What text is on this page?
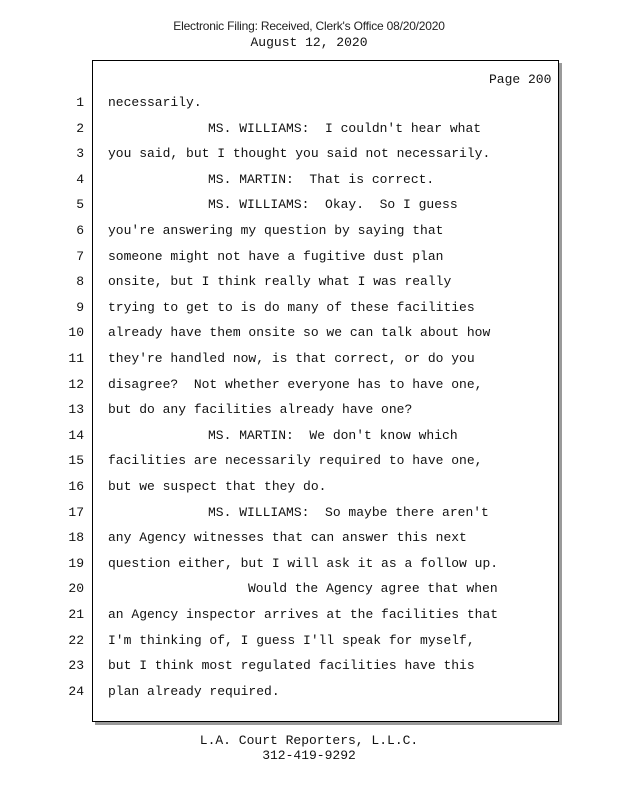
Electronic Filing: Received, Clerk's Office 08/20/2020
August 12, 2020
Page 200
1 necessarily.
2	MS. WILLIAMS:  I couldn't hear what
3 you said, but I thought you said not necessarily.
4	MS. MARTIN:  That is correct.
5	MS. WILLIAMS:  Okay.  So I guess
6 you're answering my question by saying that
7 someone might not have a fugitive dust plan
8 onsite, but I think really what I was really
9 trying to get to is do many of these facilities
10 already have them onsite so we can talk about how
11 they're handled now, is that correct, or do you
12 disagree?  Not whether everyone has to have one,
13 but do any facilities already have one?
14	MS. MARTIN:  We don't know which
15 facilities are necessarily required to have one,
16 but we suspect that they do.
17	MS. WILLIAMS:  So maybe there aren't
18 any Agency witnesses that can answer this next
19 question either, but I will ask it as a follow up.
20	Would the Agency agree that when
21 an Agency inspector arrives at the facilities that
22 I'm thinking of, I guess I'll speak for myself,
23 but I think most regulated facilities have this
24 plan already required.
L.A. Court Reporters, L.L.C.
312-419-9292
